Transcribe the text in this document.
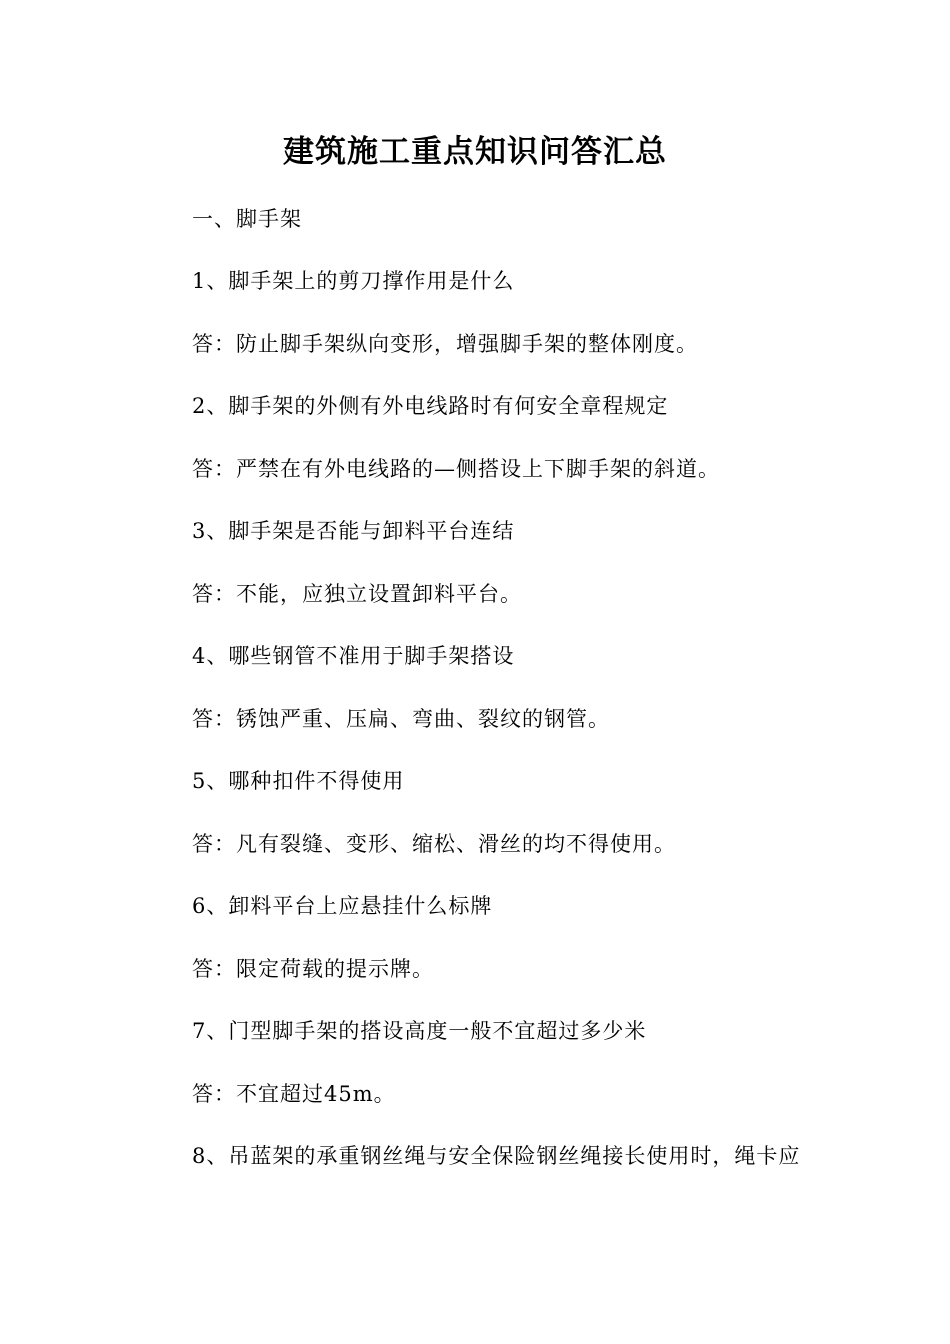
建筑施工重点知识问答汇总

一、脚手架

1、脚手架上的剪刀撑作用是什么

答：防止脚手架纵向变形，增强脚手架的整体刚度。

2、脚手架的外侧有外电线路时有何安全章程规定

答：严禁在有外电线路的—侧搭设上下脚手架的斜道。

3、脚手架是否能与卸料平台连结

答：不能，应独立设置卸料平台。

4、哪些钢管不准用于脚手架搭设

答：锈蚀严重、压扁、弯曲、裂纹的钢管。

5、哪种扣件不得使用

答：凡有裂缝、变形、缩松、滑丝的均不得使用。

6、卸料平台上应悬挂什么标牌

答：限定荷载的提示牌。

7、门型脚手架的搭设高度一般不宜超过多少米

答：不宜超过45m。

8、吊蓝架的承重钢丝绳与安全保险钢丝绳接长使用时，绳卡应
